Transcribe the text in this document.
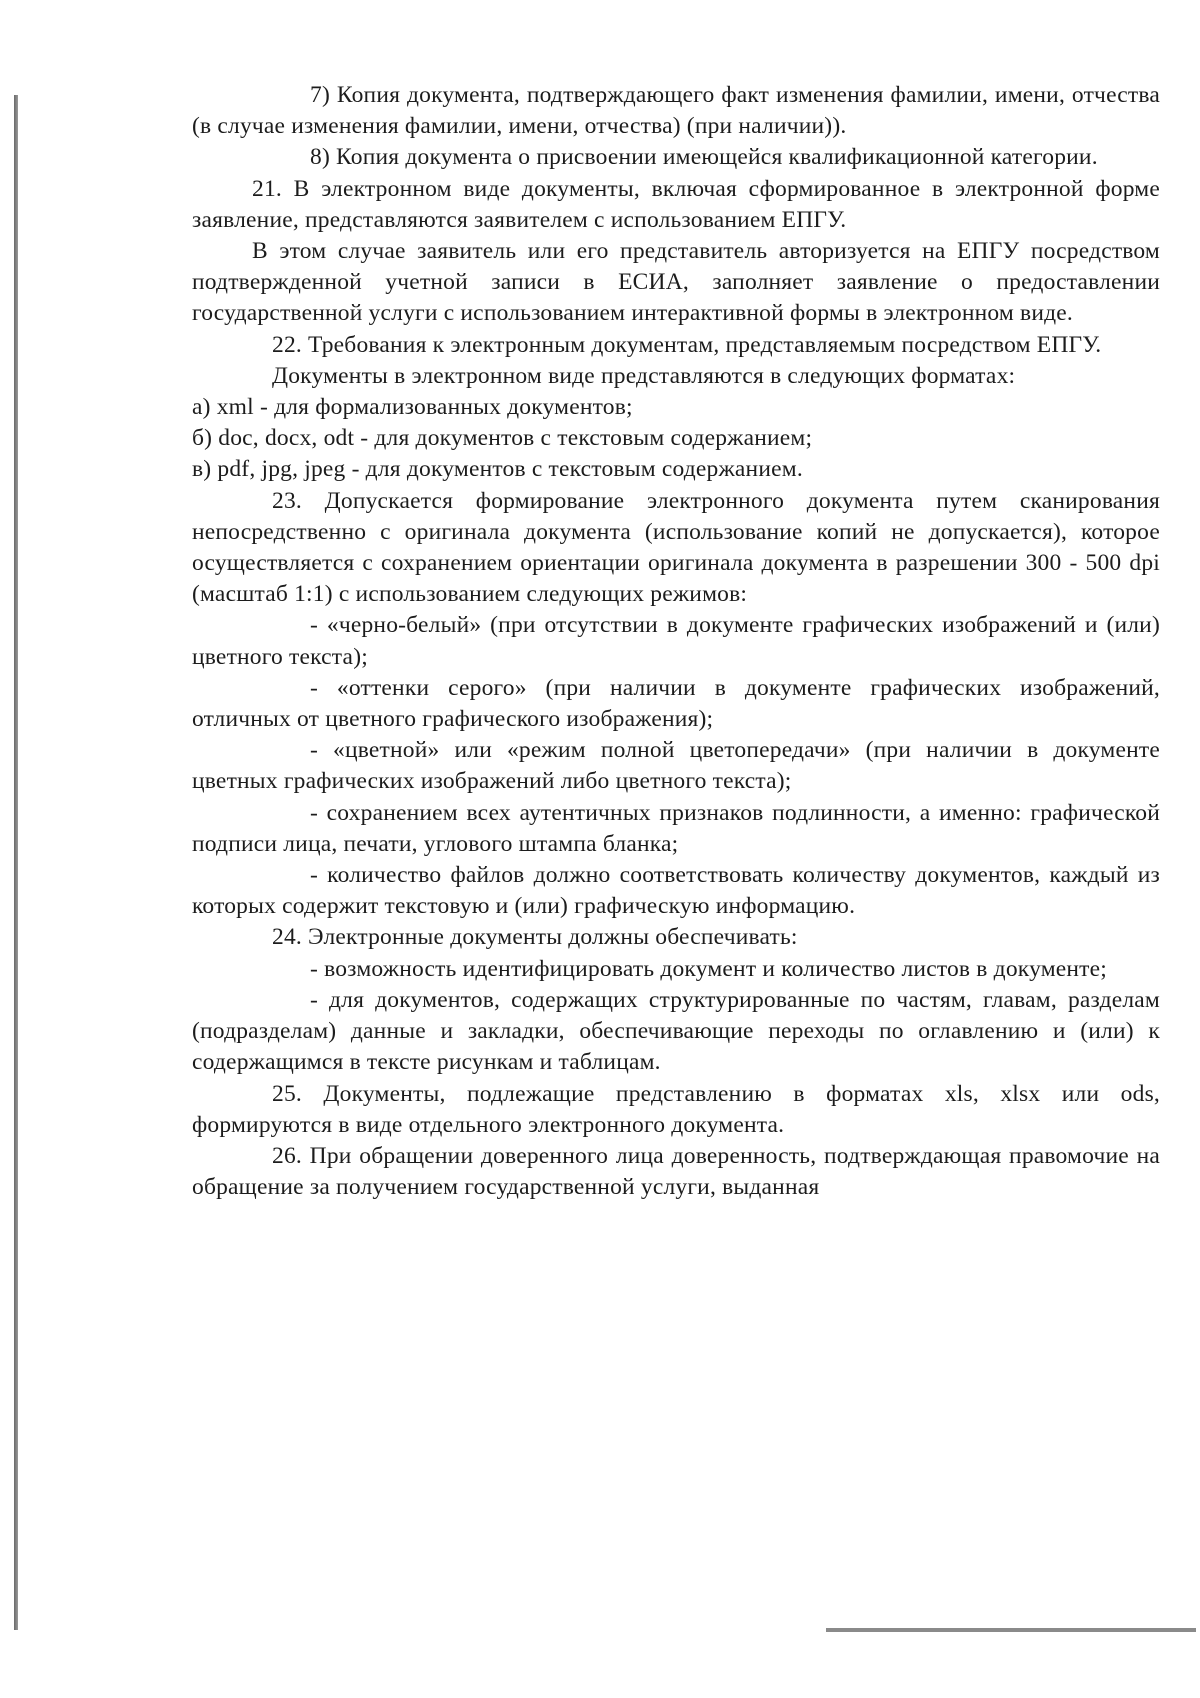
7) Копия документа, подтверждающего факт изменения фамилии, имени, отчества (в случае изменения фамилии, имени, отчества) (при наличии)).

8) Копия документа о присвоении имеющейся квалификационной категории.

21. В электронном виде документы, включая сформированное в электронной форме заявление, представляются заявителем с использованием ЕПГУ.

В этом случае заявитель или его представитель авторизуется на ЕПГУ посредством подтвержденной учетной записи в ЕСИА, заполняет заявление о предоставлении государственной услуги с использованием интерактивной формы в электронном виде.

22. Требования к электронным документам, представляемым посредством ЕПГУ.

Документы в электронном виде представляются в следующих форматах:

а) xml - для формализованных документов;

б) doc, docx, odt - для документов с текстовым содержанием;

в) pdf, jpg, jpeg - для документов с текстовым содержанием.

23. Допускается формирование электронного документа путем сканирования непосредственно с оригинала документа (использование копий не допускается), которое осуществляется с сохранением ориентации оригинала документа в разрешении 300 - 500 dpi (масштаб 1:1) с использованием следующих режимов:

- «черно-белый» (при отсутствии в документе графических изображений и (или) цветного текста);

- «оттенки серого» (при наличии в документе графических изображений, отличных от цветного графического изображения);

- «цветной» или «режим полной цветопередачи» (при наличии в документе цветных графических изображений либо цветного текста);

- сохранением всех аутентичных признаков подлинности, а именно: графической подписи лица, печати, углового штампа бланка;

- количество файлов должно соответствовать количеству документов, каждый из которых содержит текстовую и (или) графическую информацию.

24. Электронные документы должны обеспечивать:

- возможность идентифицировать документ и количество листов в документе;

- для документов, содержащих структурированные по частям, главам, разделам (подразделам) данные и закладки, обеспечивающие переходы по оглавлению и (или) к содержащимся в тексте рисункам и таблицам.

25. Документы, подлежащие представлению в форматах xls, xlsx или ods, формируются в виде отдельного электронного документа.

26. При обращении доверенного лица доверенность, подтверждающая правомочие на обращение за получением государственной услуги, выданная
